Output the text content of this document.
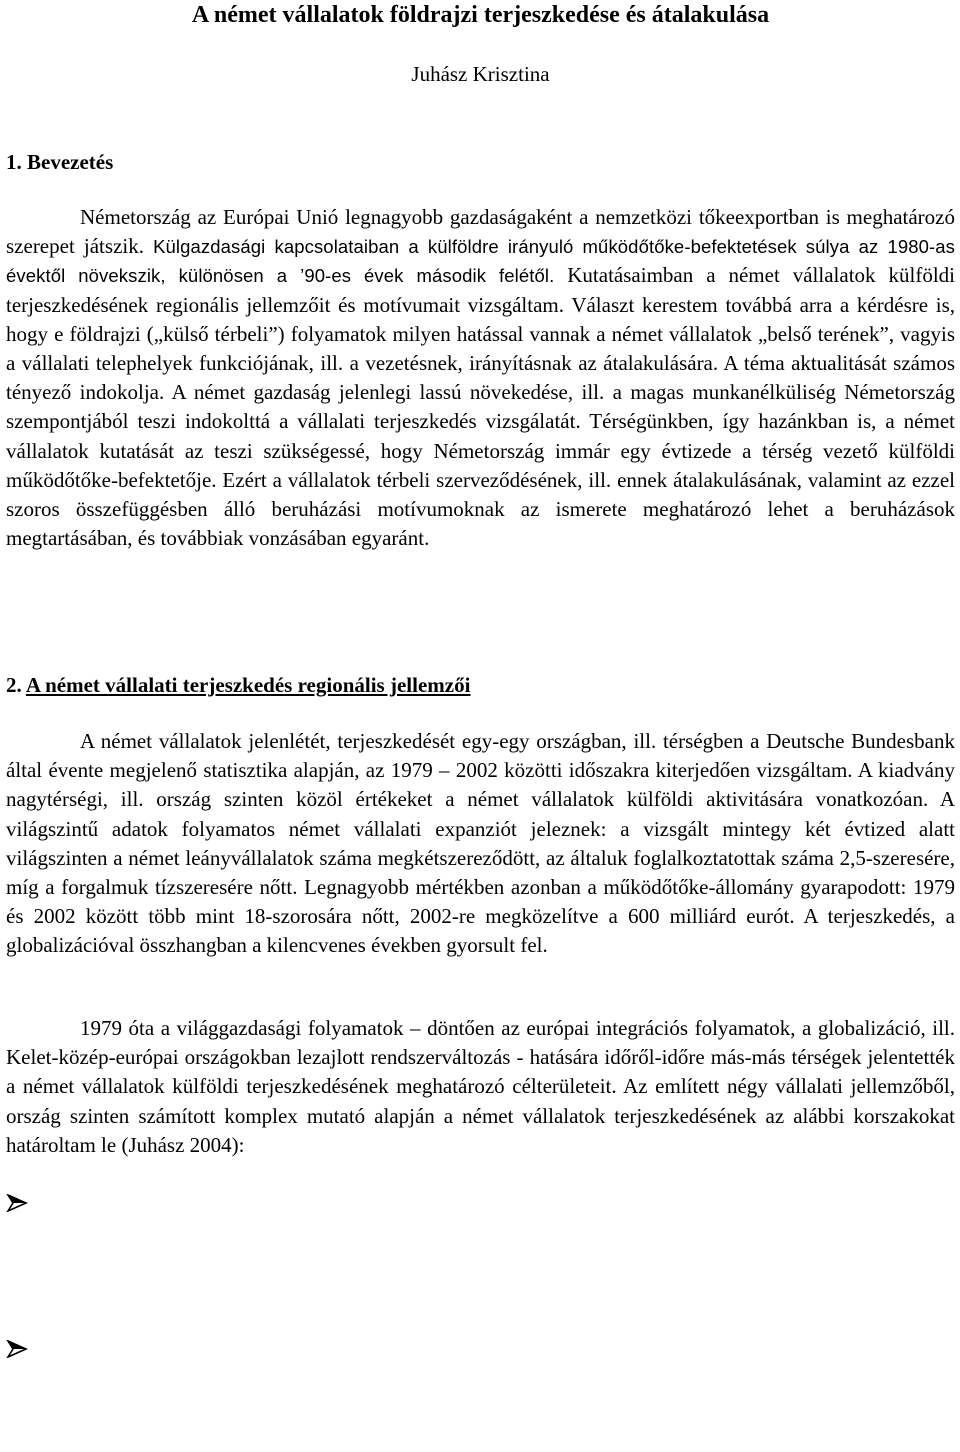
A német vállalatok földrajzi terjeszkedése és átalakulása
Juhász Krisztina
1. Bevezetés

Németország az Európai Unió legnagyobb gazdaságaként a nemzetközi tőkeexportban is meghatározó szerepet játszik. Külgazdasági kapcsolataiban a külföldre irányuló működőtőke-befektetések súlya az 1980-as évektől növekszik, különösen a ’90-es évek második felétől. Kutatásaimban a német vállalatok külföldi terjeszkedésének regionális jellemzőit és motívumait vizsgáltam. Választ kerestem továbbá arra a kérdésre is, hogy e földrajzi („külső térbeli”) folyamatok milyen hatással vannak a német vállalatok „belső terének”, vagyis a vállalati telephelyek funkciójának, ill. a vezetésnek, irányításnak az átalakulására. A téma aktualitását számos tényező indokolja. A német gazdaság jelenlegi lassú növekedése, ill. a magas munkanélküliség Németország szempontjából teszi indokolttá a vállalati terjeszkedés vizsgálatát. Térségünkben, így hazánkban is, a német vállalatok kutatását az teszi szükségessé, hogy Németország immár egy évtizede a térség vezető külföldi működőtőke-befektetője. Ezért a vállalatok térbeli szerveződésének, ill. ennek átalakulásának, valamint az ezzel szoros összefüggésben álló beruházási motívumoknak az ismerete meghatározó lehet a beruházások megtartásában, és továbbiak vonzásában egyaránt.

2. A német vállalati terjeszkedés regionális jellemzői

A német vállalatok jelenlétét, terjeszkedését egy-egy országban, ill. térségben a Deutsche Bundesbank által évente megjelenő statisztika alapján, az 1979 – 2002 közötti időszakra kiterjedően vizsgáltam. A kiadvány nagytérségi, ill. ország szinten közöl értékeket a német vállalatok külföldi aktivitására vonatkozóan. A világszintű adatok folyamatos német vállalati expanziót jeleznek: a vizsgált mintegy két évtized alatt világszinten a német leányvállalatok száma megkétszereződött, az általuk foglalkoztatottak száma 2,5-szeresére, míg a forgalmuk tízszeresére nőtt. Legnagyobb mértékben azonban a működőtőke-állomány gyarapodott: 1979 és 2002 között több mint 18-szorosára nőtt, 2002-re megközelítve a 600 milliárd eurót. A terjeszkedés, a globalizációval összhangban a kilencvenes években gyorsult fel.

1979 óta a világgazdasági folyamatok – döntően az európai integrációs folyamatok, a globalizáció, ill. Kelet-közép-európai országokban lezajlott rendszerváltozás - hatására időről-időre más-más térségek jelentették a német vállalatok külföldi terjeszkedésének meghatározó célterületeit. Az említett négy vállalati jellemzőből, ország szinten számított komplex mutató alapján a német vállalatok terjeszkedésének az alábbi korszakokat határoltam le (Juhász 2004):
